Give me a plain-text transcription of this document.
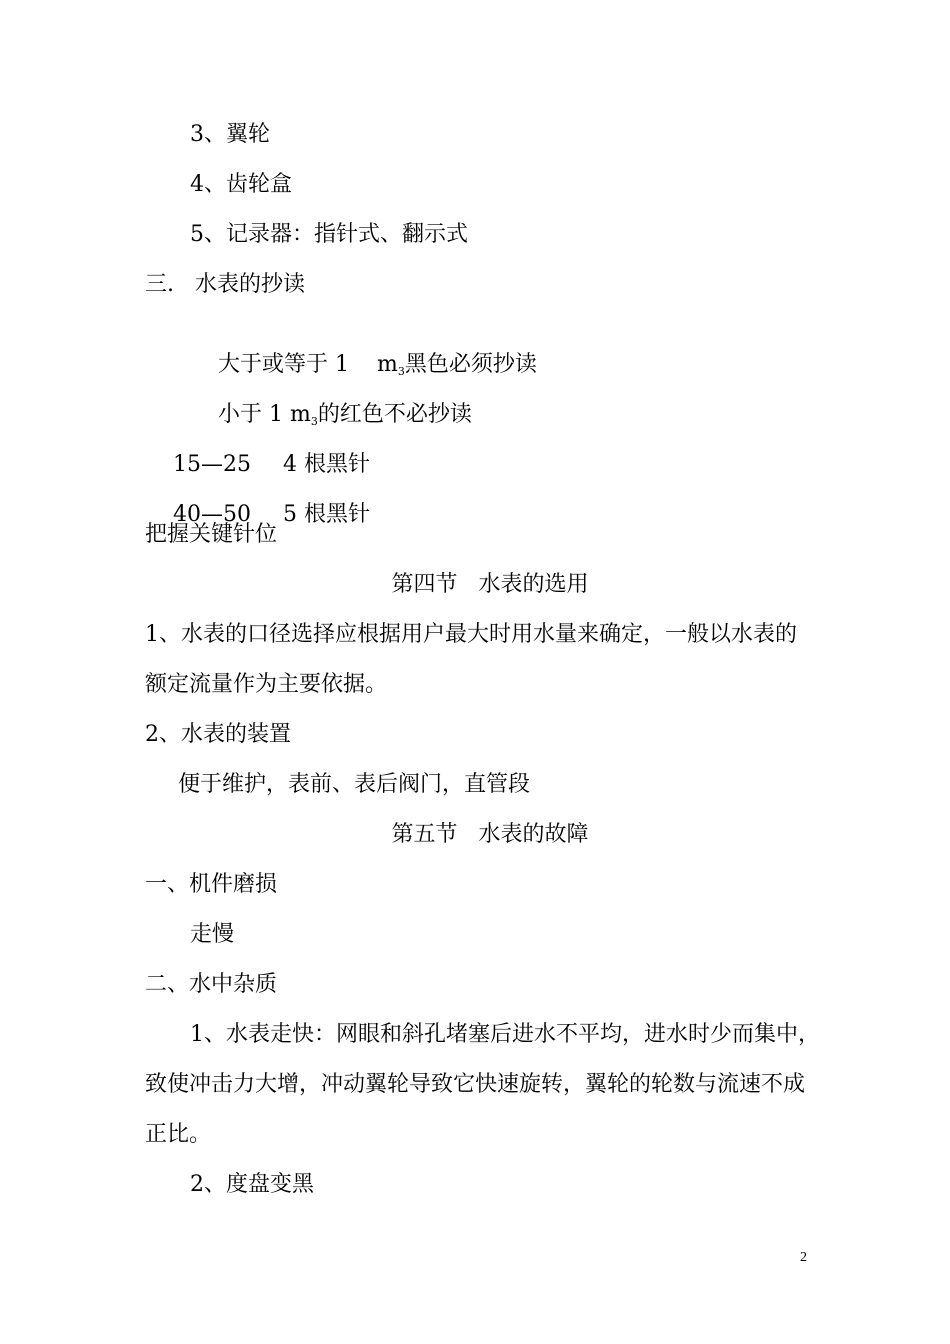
3、翼轮
4、齿轮盒
5、记录器：指针式、翻示式
三.   水表的抄读

大于或等于 1    m3黑色必须抄读

小于 1 m3的红色不必抄读

15—25 4 根黑针

40—50 5 根黑针

把握关键针位
第四节   水表的选用
1、水表的口径选择应根据用户最大时用水量来确定，一般以水表的
额定流量作为主要依据。
2、水表的装置
便于维护，表前、表后阀门，直管段
第五节   水表的故障
一、机件磨损
走慢
二、水中杂质
1、水表走快：网眼和斜孔堵塞后进水不平均，进水时少而集中，
致使冲击力大增，冲动翼轮导致它快速旋转，翼轮的轮数与流速不成
正比。
2、度盘变黑
2
